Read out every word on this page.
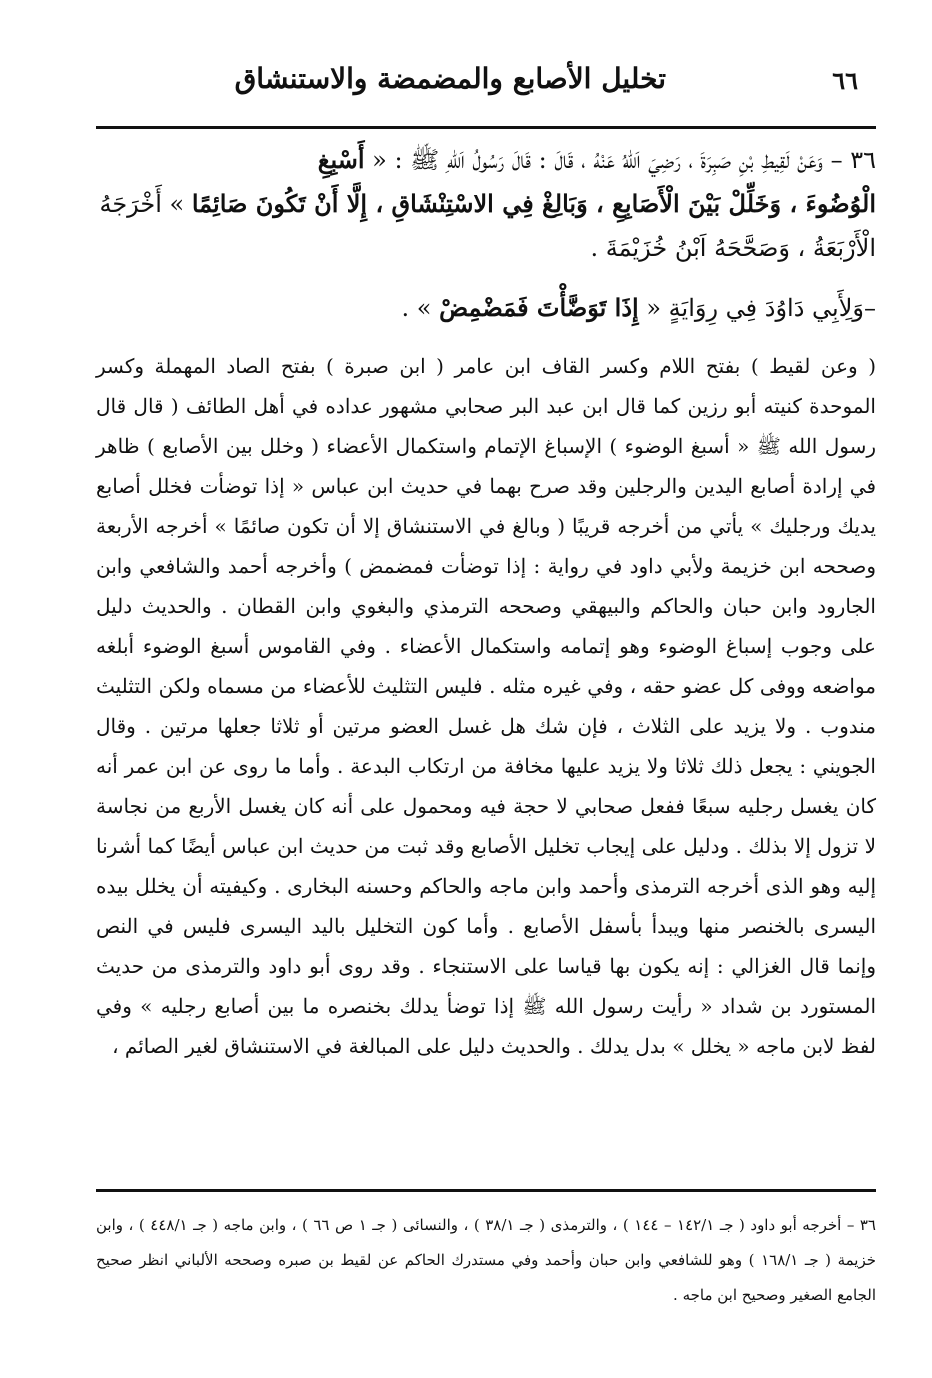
تخليل الأصابع والمضمضة والاستنشاق	٦٦

٣٦ – وَعَنْ لَقِيطِ بْنِ صَبِرَةَ ، رَضِيَ اَللهُ عَنْهُ ، قَالَ : قَالَ رَسُولُ اَللهِ ﷺ : « أَسْبِغِ

الْوُضُوءَ ، وَخَلِّلْ بَيْنَ الْأَصَابِعِ ، وَبَالِغْ فِي الاسْتِنْشَاقِ ، إِلَّا أَنْ تَكُونَ صَائِمًا » أَخْرَجَهُ

الْأَرْبَعَةُ ، وَصَحَّحَهُ اَبْنُ خُزَيْمَةَ .

–وَلِأَبِي دَاوُدَ فِي رِوَايَةٍ « إِذَا تَوَضَّأْتَ فَمَضْمِضْ » .

( وعن لقيط ) بفتح اللام وكسر القاف ابن عامر ( ابن صبرة ) بفتح الصاد المهملة وكسر الموحدة كنيته أبو رزين كما قال ابن عبد البر صحابي مشهور عداده في أهل الطائف ( قال قال رسول الله ﷺ « أسبغ الوضوء ) الإسباغ الإتمام واستكمال الأعضاء ( وخلل بين الأصابع ) ظاهر في إرادة أصابع اليدين والرجلين وقد صرح بهما في حديث ابن عباس « إذا توضأت فخلل أصابع يديك ورجليك » يأتي من أخرجه قريبًا ( وبالغ في الاستنشاق إلا أن تكون صائمًا » أخرجه الأربعة وصححه ابن خزيمة ولأبي داود في رواية : إذا توضأت فمضمض ) وأخرجه أحمد والشافعي وابن الجارود وابن حبان والحاكم والبيهقي وصححه الترمذي والبغوي وابن القطان . والحديث دليل على وجوب إسباغ الوضوء وهو إتمامه واستكمال الأعضاء . وفي القاموس أسبغ الوضوء أبلغه مواضعه ووفى كل عضو حقه ، وفي غيره مثله . فليس التثليث للأعضاء من مسماه ولكن التثليث مندوب . ولا يزيد على الثلاث ، فإن شك هل غسل العضو مرتين أو ثلاثا جعلها مرتين . وقال الجويني : يجعل ذلك ثلاثا ولا يزيد عليها مخافة من ارتكاب البدعة . وأما ما روى عن ابن عمر أنه كان يغسل رجليه سبعًا ففعل صحابي لا حجة فيه ومحمول على أنه كان يغسل الأربع من نجاسة لا تزول إلا بذلك . ودليل على إيجاب تخليل الأصابع وقد ثبت من حديث ابن عباس أيضًا كما أشرنا إليه وهو الذى أخرجه الترمذى وأحمد وابن ماجه والحاكم وحسنه البخارى . وكيفيته أن يخلل بيده اليسرى بالخنصر منها ويبدأ بأسفل الأصابع . وأما كون التخليل باليد اليسرى فليس في النص وإنما قال الغزالي : إنه يكون بها قياسا على الاستنجاء . وقد روى أبو داود والترمذى من حديث المستورد بن شداد « رأيت رسول الله ﷺ إذا توضأ يدلك بخنصره ما بين أصابع رجليه » وفي لفظ لابن ماجه « يخلل » بدل يدلك . والحديث دليل على المبالغة في الاستنشاق لغير الصائم ،

٣٦ – أخرجه أبو داود ( جـ ١٤٢/١ – ١٤٤ ) ، والترمذى ( جـ ٣٨/١ ) ، والنسائى ( جـ ١ ص ٦٦ ) ، وابن ماجه ( جـ ٤٤٨/١ ) ، وابن خزيمة ( جـ ١٦٨/١ ) وهو للشافعي وابن حبان وأحمد وفي مستدرك الحاكم عن لقيط بن صبره وصححه الألباني انظر صحيح الجامع الصغير وصحيح ابن ماجه .
